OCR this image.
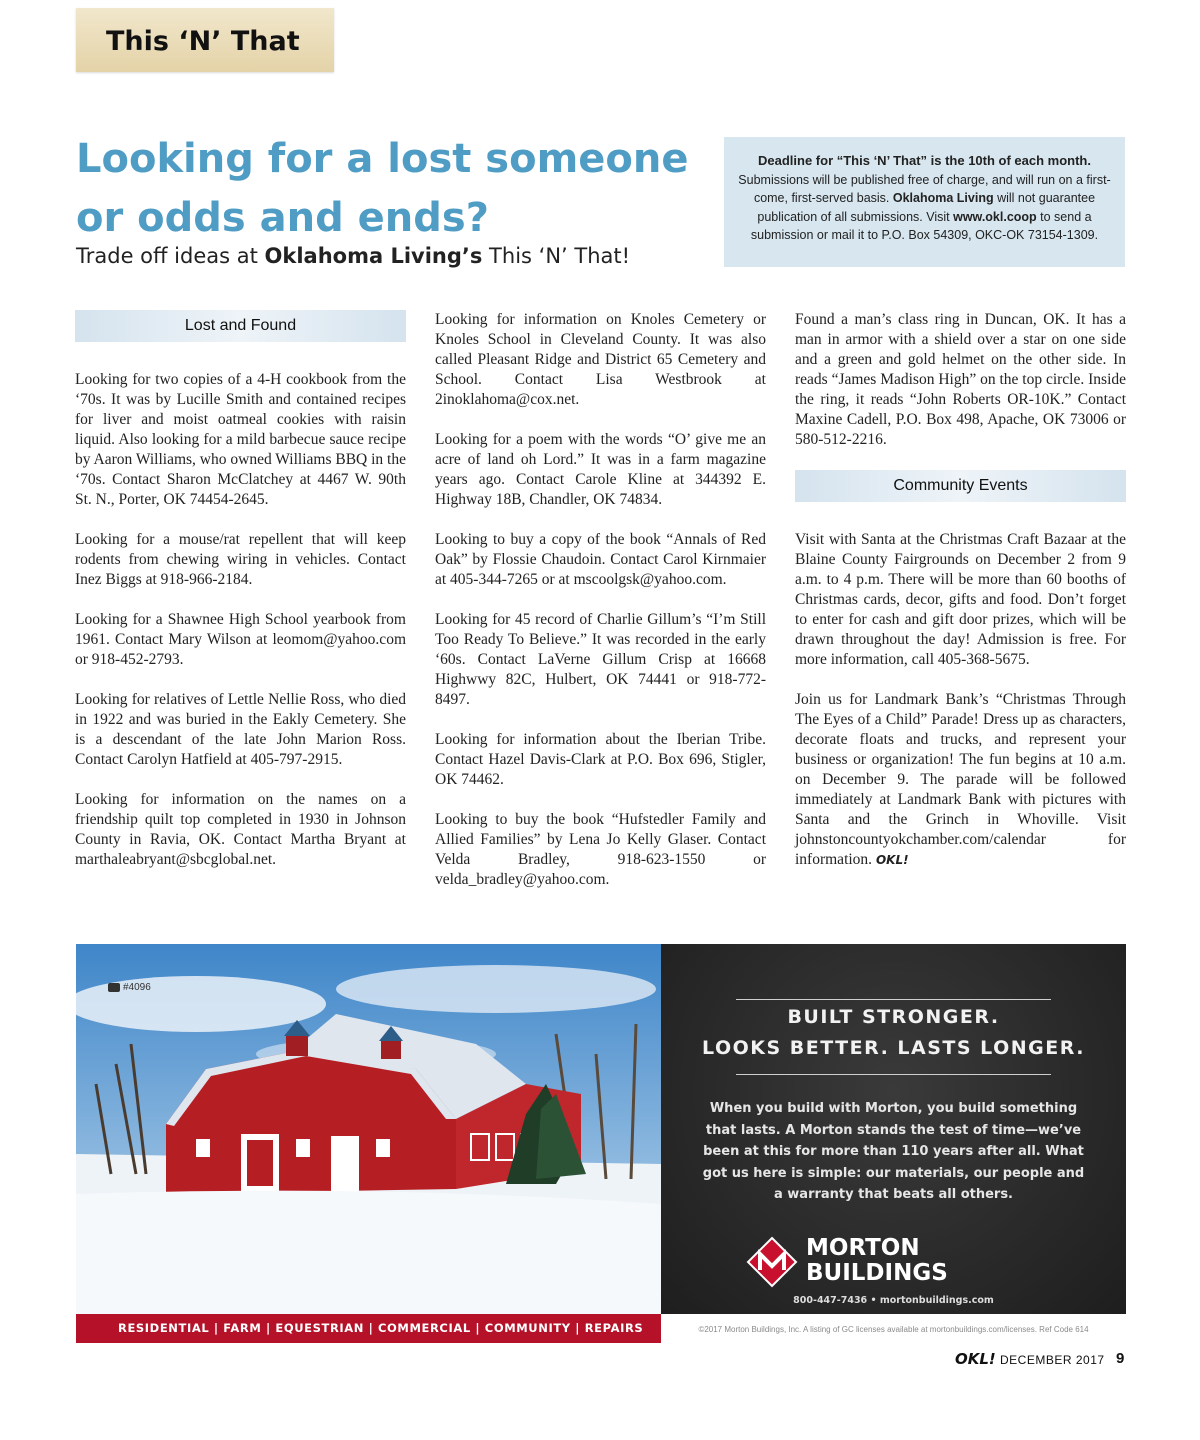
This ‘N’ That
Looking for a lost someone or odds and ends?
Trade off ideas at Oklahoma Living’s This ‘N’ That!
Deadline for “This ‘N’ That” is the 10th of each month.
Submissions will be published free of charge, and will run on a first-come, first-served basis. Oklahoma Living will not guarantee publication of all submissions. Visit www.okl.coop to send a submission or mail it to P.O. Box 54309, OKC-OK 73154-1309.
Lost and Found

Looking for two copies of a 4-H cookbook from the ‘70s. It was by Lucille Smith and contained recipes for liver and moist oatmeal cookies with raisin liquid. Also looking for a mild barbecue sauce recipe by Aaron Williams, who owned Williams BBQ in the ‘70s. Contact Sharon McClatchey at 4467 W. 90th St. N., Porter, OK 74454-2645.

Looking for a mouse/rat repellent that will keep rodents from chewing wiring in vehicles. Contact Inez Biggs at 918-966-2184.

Looking for a Shawnee High School yearbook from 1961. Contact Mary Wilson at leomom@yahoo.com or 918-452-2793.

Looking for relatives of Lettle Nellie Ross, who died in 1922 and was buried in the Eakly Cemetery. She is a descendant of the late John Marion Ross. Contact Carolyn Hatfield at 405-797-2915.

Looking for information on the names on a friendship quilt top completed in 1930 in Johnson County in Ravia, OK. Contact Martha Bryant at marthaleabryant@sbcglobal.net.

Looking for information on Knoles Cemetery or Knoles School in Cleveland County. It was also called Pleasant Ridge and District 65 Cemetery and School. Contact Lisa Westbrook at 2inoklahoma@cox.net.

Looking for a poem with the words “O’ give me an acre of land oh Lord.” It was in a farm magazine years ago. Contact Carole Kline at 344392 E. Highway 18B, Chandler, OK 74834.

Looking to buy a copy of the book “Annals of Red Oak” by Flossie Chaudoin. Contact Carol Kirnmaier at 405-344-7265 or at mscoolgsk@yahoo.com.

Looking for 45 record of Charlie Gillum’s “I’m Still Too Ready To Believe.” It was recorded in the early ‘60s. Contact LaVerne Gillum Crisp at 16668 Highwwy 82C, Hulbert, OK 74441 or 918-772-8497.

Looking for information about the Iberian Tribe. Contact Hazel Davis-Clark at P.O. Box 696, Stigler, OK 74462.

Looking to buy the book “Hufstedler Family and Allied Families” by Lena Jo Kelly Glaser. Contact Velda Bradley, 918-623-1550 or velda_bradley@yahoo.com.

Found a man’s class ring in Duncan, OK. It has a man in armor with a shield over a star on one side and a green and gold helmet on the other side. In reads “James Madison High” on the top circle. Inside the ring, it reads “John Roberts OR-10K.” Contact Maxine Cadell, P.O. Box 498, Apache, OK 73006 or 580-512-2216.

Community Events

Visit with Santa at the Christmas Craft Bazaar at the Blaine County Fairgrounds on December 2 from 9 a.m. to 4 p.m. There will be more than 60 booths of Christmas cards, decor, gifts and food. Don’t forget to enter for cash and gift door prizes, which will be drawn throughout the day! Admission is free. For more information, call 405-368-5675.

Join us for Landmark Bank’s “Christmas Through The Eyes of a Child” Parade! Dress up as characters, decorate floats and trucks, and represent your business or organization! The fun begins at 10 a.m. on December 9. The parade will be followed immediately at Landmark Bank with pictures with Santa and the Grinch in Whoville. Visit johnstoncountyokchamber.com/calendar for information. OKL!

RESIDENTIAL | FARM | EQUESTRIAN | COMMERCIAL | COMMUNITY | REPAIRS
BUILT STRONGER.
LOOKS BETTER. LASTS LONGER.
When you build with Morton, you build something that lasts. A Morton stands the test of time—we’ve been at this for more than 110 years after all. What got us here is simple: our materials, our people and a warranty that beats all others.
MORTON
BUILDINGS
800-447-7436 • mortonbuildings.com
#4096
©2017 Morton Buildings, Inc. A listing of GC licenses available at mortonbuildings.com/licenses. Ref Code 614
OKL! DECEMBER 2017 9
